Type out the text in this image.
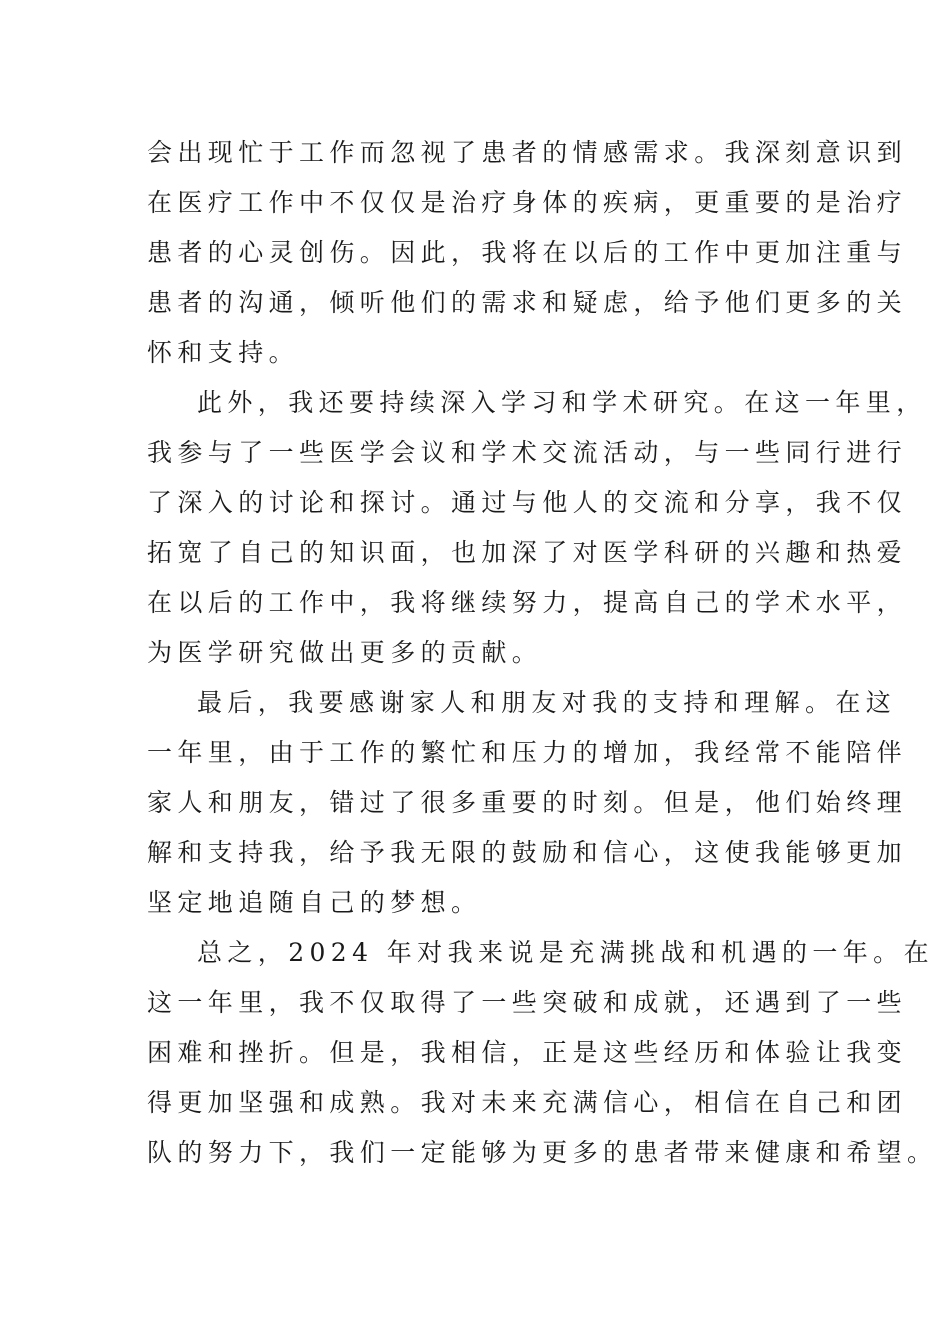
会出现忙于工作而忽视了患者的情感需求。我深刻意识到

在医疗工作中不仅仅是治疗身体的疾病，更重要的是治疗

患者的心灵创伤。因此，我将在以后的工作中更加注重与

患者的沟通，倾听他们的需求和疑虑，给予他们更多的关

怀和支持。

此外，我还要持续深入学习和学术研究。在这一年里，

我参与了一些医学会议和学术交流活动，与一些同行进行

了深入的讨论和探讨。通过与他人的交流和分享，我不仅

拓宽了自己的知识面，也加深了对医学科研的兴趣和热爱

在以后的工作中，我将继续努力，提高自己的学术水平，

为医学研究做出更多的贡献。

最后，我要感谢家人和朋友对我的支持和理解。在这

一年里，由于工作的繁忙和压力的增加，我经常不能陪伴

家人和朋友，错过了很多重要的时刻。但是，他们始终理

解和支持我，给予我无限的鼓励和信心，这使我能够更加

坚定地追随自己的梦想。

总之，2024 年对我来说是充满挑战和机遇的一年。在

这一年里，我不仅取得了一些突破和成就，还遇到了一些

困难和挫折。但是，我相信，正是这些经历和体验让我变

得更加坚强和成熟。我对未来充满信心，相信在自己和团

队的努力下，我们一定能够为更多的患者带来健康和希望。
